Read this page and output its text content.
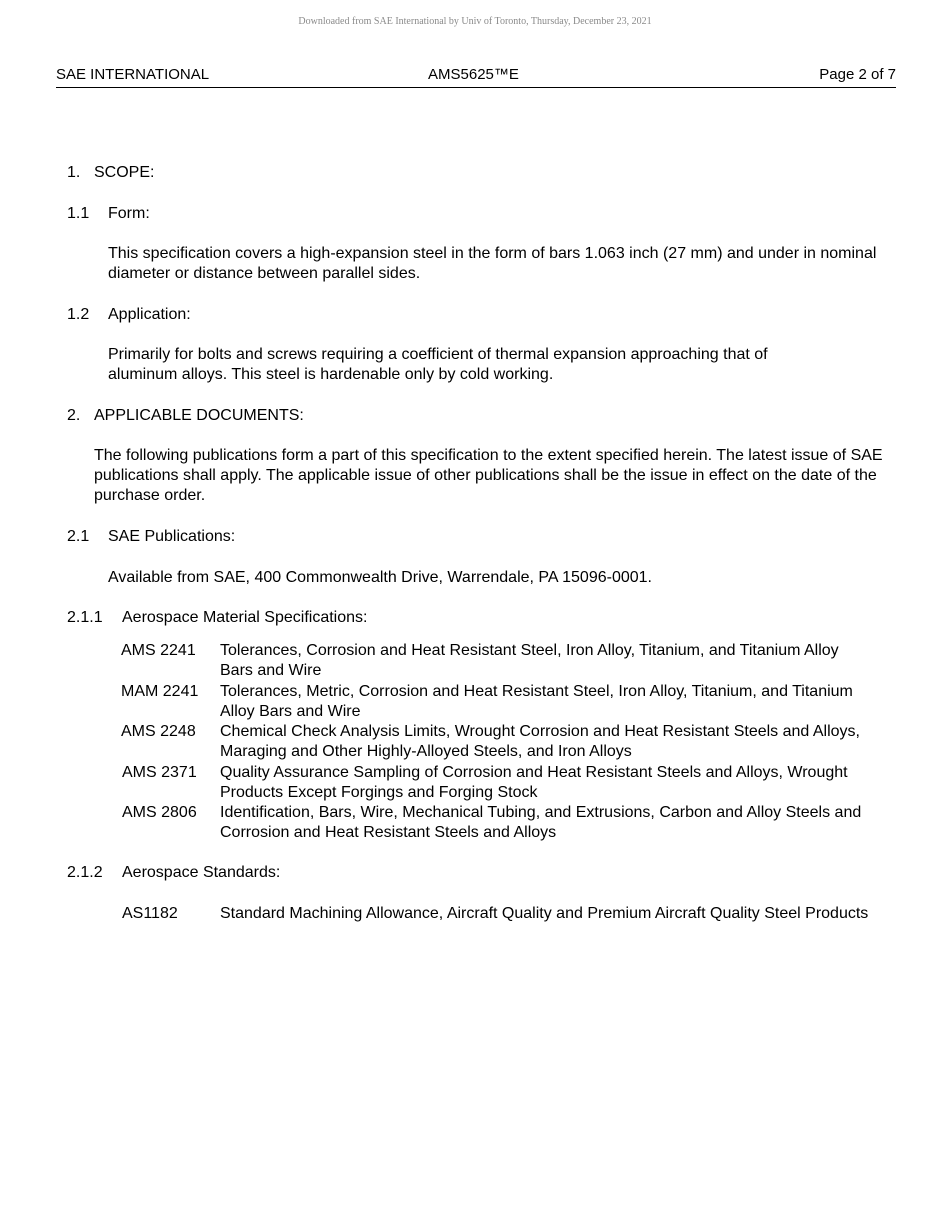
Downloaded from SAE International by Univ of Toronto, Thursday, December 23, 2021
SAE INTERNATIONAL	AMS5625™E	Page 2 of 7
1. SCOPE:
1.1 Form:
This specification covers a high-expansion steel in the form of bars 1.063 inch (27 mm) and under in nominal diameter or distance between parallel sides.
1.2 Application:
Primarily for bolts and screws requiring a coefficient of thermal expansion approaching that of aluminum alloys. This steel is hardenable only by cold working.
2. APPLICABLE DOCUMENTS:
The following publications form a part of this specification to the extent specified herein. The latest issue of SAE publications shall apply. The applicable issue of other publications shall be the issue in effect on the date of the purchase order.
2.1 SAE Publications:
Available from SAE, 400 Commonwealth Drive, Warrendale, PA 15096-0001.
2.1.1 Aerospace Material Specifications:
AMS 2241 Tolerances, Corrosion and Heat Resistant Steel, Iron Alloy, Titanium, and Titanium Alloy Bars and Wire
MAM 2241 Tolerances, Metric, Corrosion and Heat Resistant Steel, Iron Alloy, Titanium, and Titanium Alloy Bars and Wire
AMS 2248 Chemical Check Analysis Limits, Wrought Corrosion and Heat Resistant Steels and Alloys, Maraging and Other Highly-Alloyed Steels, and Iron Alloys
AMS 2371 Quality Assurance Sampling of Corrosion and Heat Resistant Steels and Alloys, Wrought Products Except Forgings and Forging Stock
AMS 2806 Identification, Bars, Wire, Mechanical Tubing, and Extrusions, Carbon and Alloy Steels and Corrosion and Heat Resistant Steels and Alloys
2.1.2 Aerospace Standards:
AS1182	Standard Machining Allowance, Aircraft Quality and Premium Aircraft Quality Steel Products
